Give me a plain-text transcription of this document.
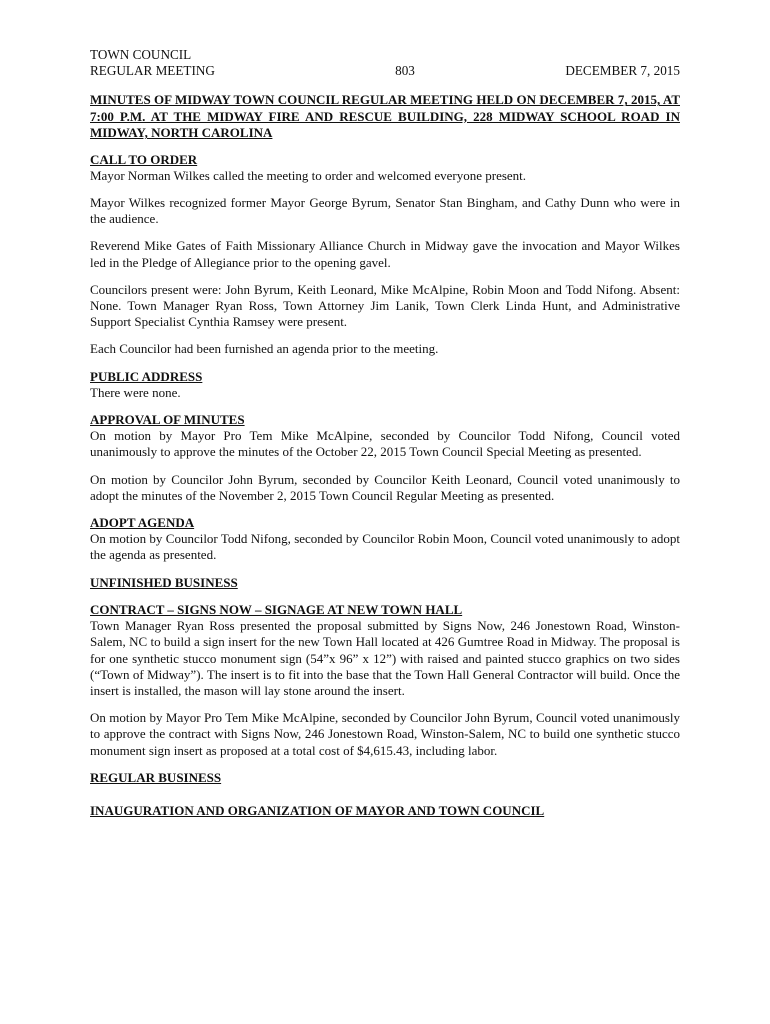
TOWN COUNCIL
REGULAR MEETING	803	DECEMBER 7, 2015
MINUTES OF MIDWAY TOWN COUNCIL REGULAR MEETING HELD ON DECEMBER 7, 2015, AT 7:00 P.M. AT THE MIDWAY FIRE AND RESCUE BUILDING, 228 MIDWAY SCHOOL ROAD IN MIDWAY, NORTH CAROLINA
CALL TO ORDER

Mayor Norman Wilkes called the meeting to order and welcomed everyone present.

Mayor Wilkes recognized former Mayor George Byrum, Senator Stan Bingham, and Cathy Dunn who were in the audience.

Reverend Mike Gates of Faith Missionary Alliance Church in Midway gave the invocation and Mayor Wilkes led in the Pledge of Allegiance prior to the opening gavel.

Councilors present were: John Byrum, Keith Leonard, Mike McAlpine, Robin Moon and Todd Nifong. Absent: None. Town Manager Ryan Ross, Town Attorney Jim Lanik, Town Clerk Linda Hunt, and Administrative Support Specialist Cynthia Ramsey were present.

Each Councilor had been furnished an agenda prior to the meeting.

PUBLIC ADDRESS

There were none.

APPROVAL OF MINUTES

On motion by Mayor Pro Tem Mike McAlpine, seconded by Councilor Todd Nifong, Council voted unanimously to approve the minutes of the October 22, 2015 Town Council Special Meeting as presented.

On motion by Councilor John Byrum, seconded by Councilor Keith Leonard, Council voted unanimously to adopt the minutes of the November 2, 2015 Town Council Regular Meeting as presented.

ADOPT AGENDA

On motion by Councilor Todd Nifong, seconded by Councilor Robin Moon, Council voted unanimously to adopt the agenda as presented.

UNFINISHED BUSINESS
CONTRACT – SIGNS NOW – SIGNAGE AT NEW TOWN HALL

Town Manager Ryan Ross presented the proposal submitted by Signs Now, 246 Jonestown Road, Winston-Salem, NC to build a sign insert for the new Town Hall located at 426 Gumtree Road in Midway. The proposal is for one synthetic stucco monument sign (54”x 96” x 12”) with raised and painted stucco graphics on two sides (“Town of Midway”). The insert is to fit into the base that the Town Hall General Contractor will build. Once the insert is installed, the mason will lay stone around the insert.

On motion by Mayor Pro Tem Mike McAlpine, seconded by Councilor John Byrum, Council voted unanimously to approve the contract with Signs Now, 246 Jonestown Road, Winston-Salem, NC to build one synthetic stucco monument sign insert as proposed at a total cost of $4,615.43, including labor.

REGULAR BUSINESS
INAUGURATION AND ORGANIZATION OF MAYOR AND TOWN COUNCIL
